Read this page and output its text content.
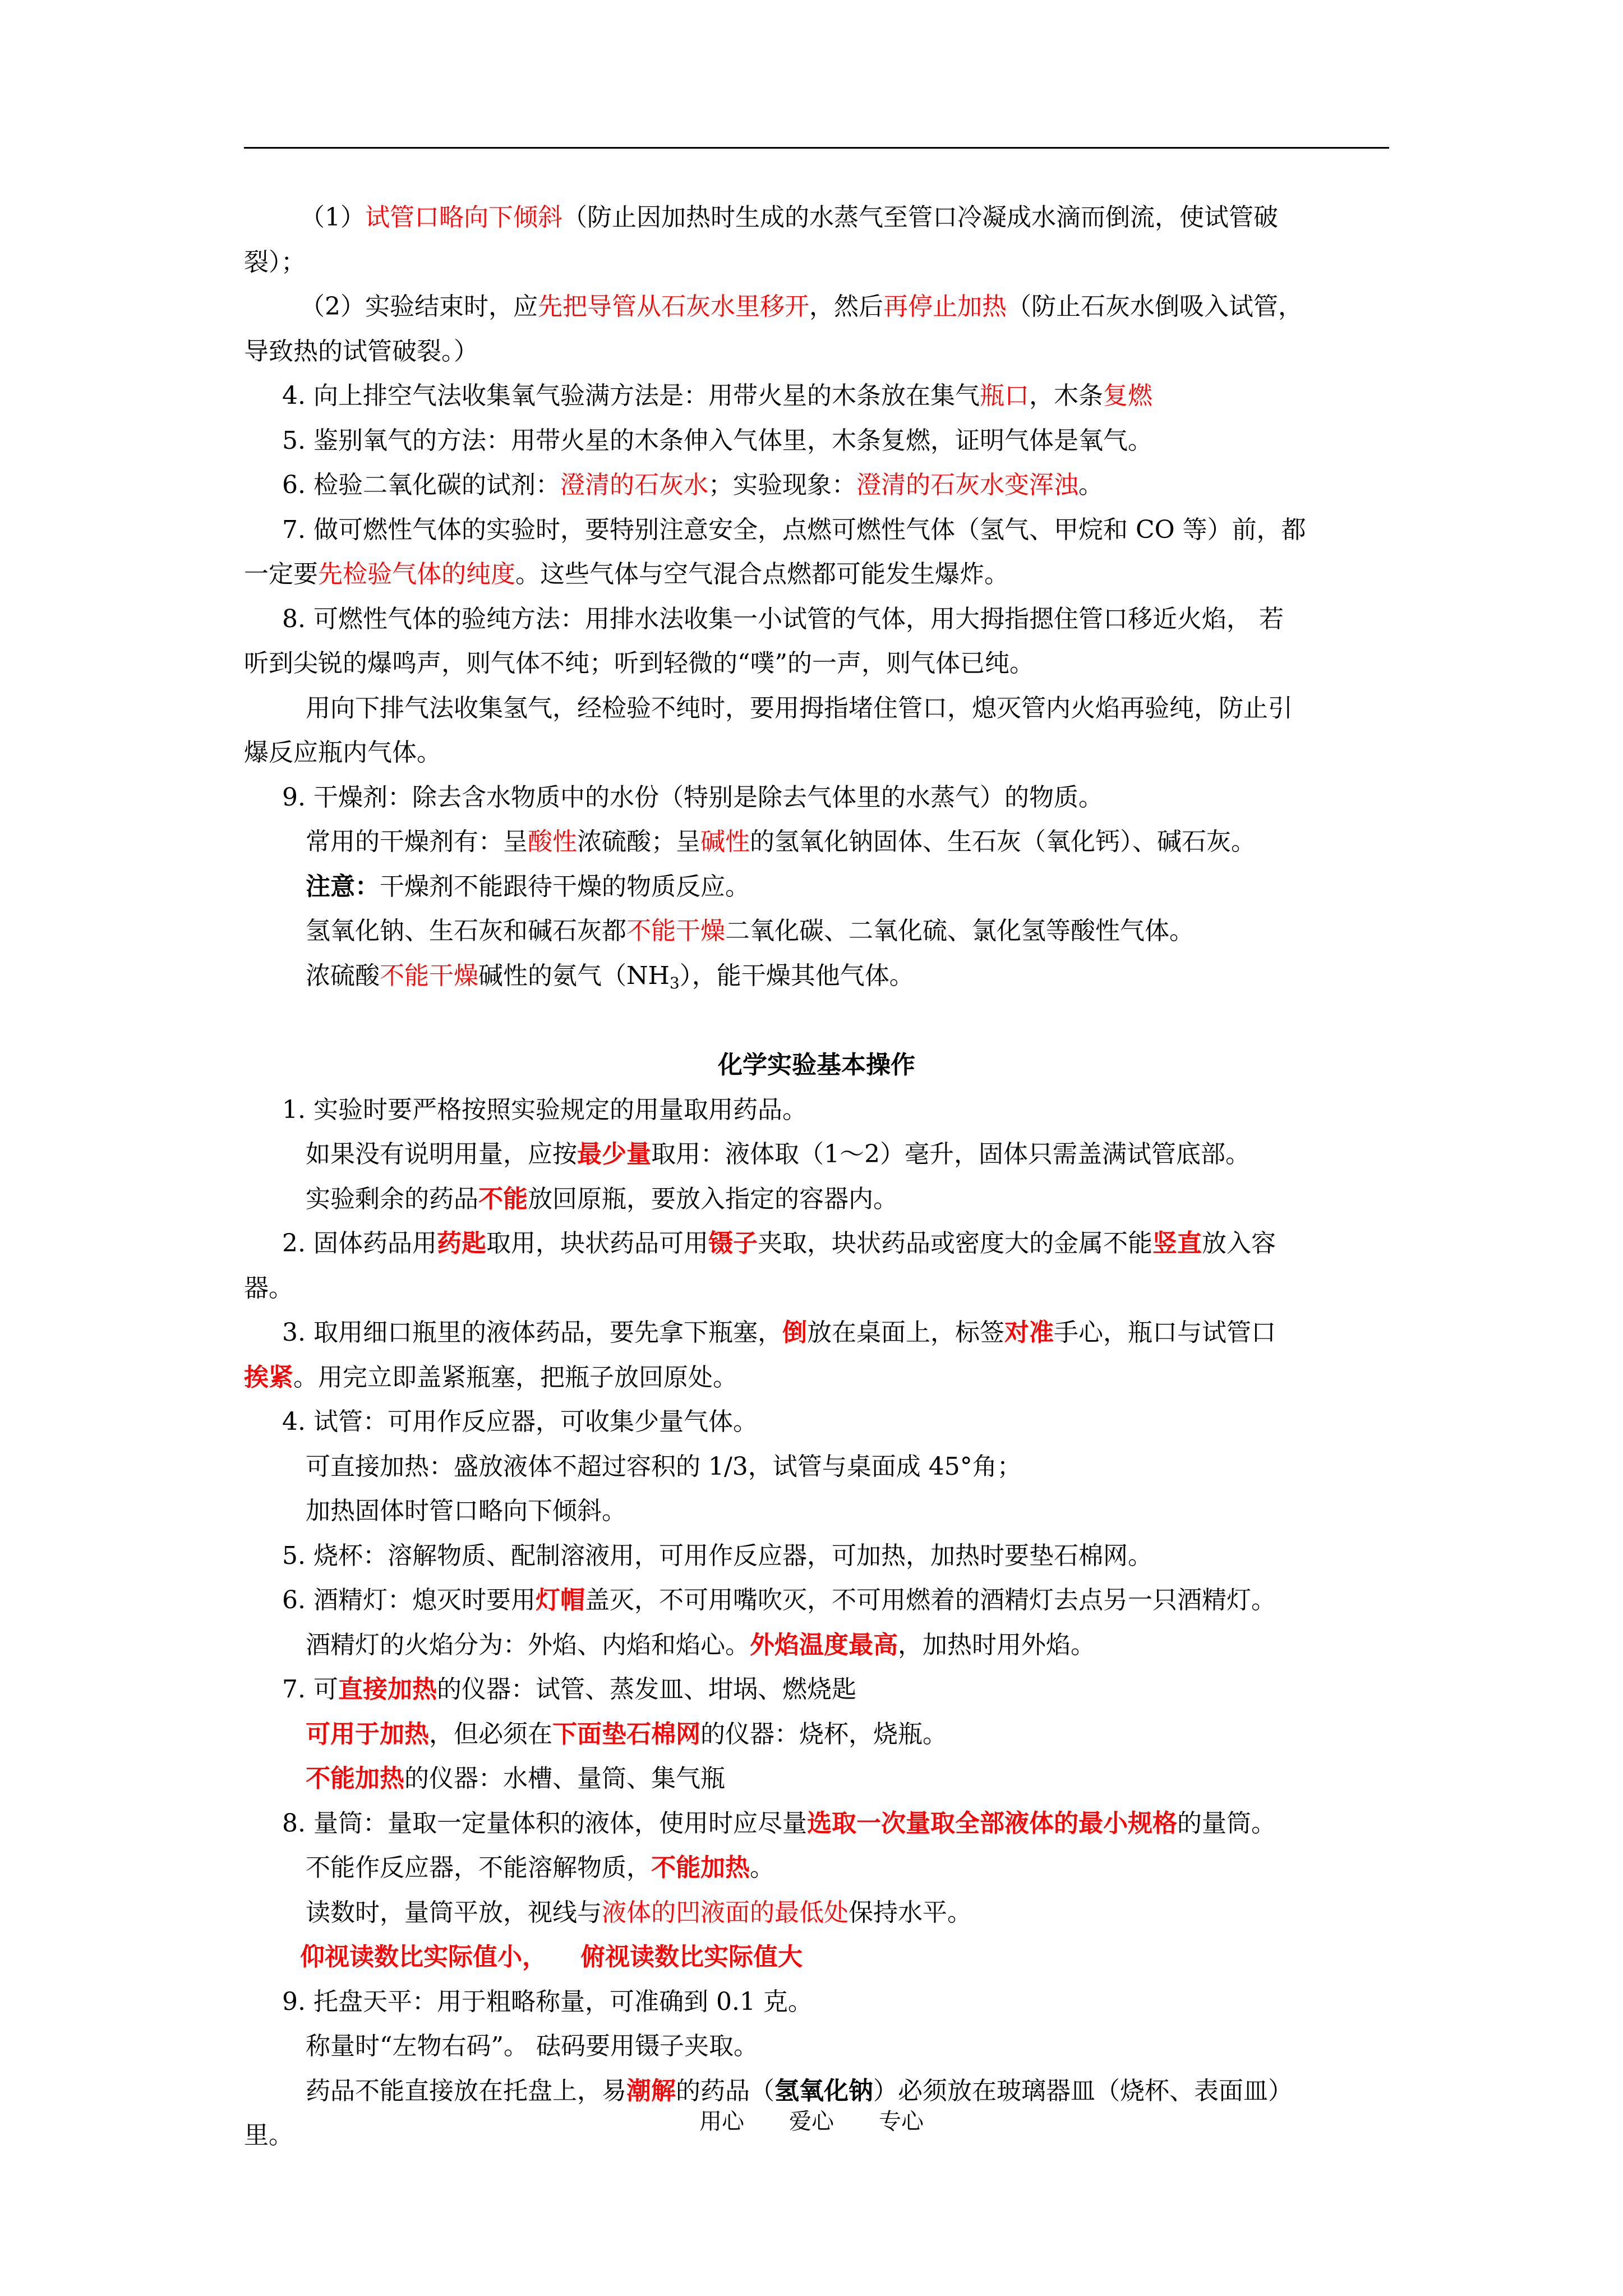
（1）试管口略向下倾斜（防止因加热时生成的水蒸气至管口冷凝成水滴而倒流，使试管破
裂）；
（2）实验结束时，应先把导管从石灰水里移开，然后再停止加热（防止石灰水倒吸入试管，
导致热的试管破裂。）
4. 向上排空气法收集氧气验满方法是：用带火星的木条放在集气瓶口，木条复燃
5. 鉴别氧气的方法：用带火星的木条伸入气体里，木条复燃，证明气体是氧气。
6. 检验二氧化碳的试剂：澄清的石灰水；实验现象：澄清的石灰水变浑浊。
7. 做可燃性气体的实验时，要特别注意安全，点燃可燃性气体（氢气、甲烷和 CO 等）前，都
一定要先检验气体的纯度。这些气体与空气混合点燃都可能发生爆炸。
8. 可燃性气体的验纯方法：用排水法收集一小试管的气体，用大拇指摁住管口移近火焰， 若
听到尖锐的爆鸣声，则气体不纯；听到轻微的“噗”的一声，则气体已纯。
用向下排气法收集氢气，经检验不纯时，要用拇指堵住管口，熄灭管内火焰再验纯，防止引
爆反应瓶内气体。
9. 干燥剂：除去含水物质中的水份（特别是除去气体里的水蒸气）的物质。
常用的干燥剂有：呈酸性浓硫酸；呈碱性的氢氧化钠固体、生石灰（氧化钙）、碱石灰。
注意：干燥剂不能跟待干燥的物质反应。
氢氧化钠、生石灰和碱石灰都不能干燥二氧化碳、二氧化硫、氯化氢等酸性气体。
浓硫酸不能干燥碱性的氨气$(NH_3)$，能干燥其他气体。
化学实验基本操作
1. 实验时要严格按照实验规定的用量取用药品。
如果没有说明用量，应按最少量取用：液体取（1～2）毫升，固体只需盖满试管底部。
实验剩余的药品不能放回原瓶，要放入指定的容器内。
2. 固体药品用药匙取用，块状药品可用镊子夹取，块状药品或密度大的金属不能竖直放入容
器。
3. 取用细口瓶里的液体药品，要先拿下瓶塞，倒放在桌面上，标签对准手心，瓶口与试管口
挨紧。用完立即盖紧瓶塞，把瓶子放回原处。
4. 试管：可用作反应器，可收集少量气体。
可直接加热：盛放液体不超过容积的 1/3，试管与桌面成 45°角；
加热固体时管口略向下倾斜。
5. 烧杯：溶解物质、配制溶液用，可用作反应器，可加热，加热时要垫石棉网。
6. 酒精灯：熄灭时要用灯帽盖灭，不可用嘴吹灭，不可用燃着的酒精灯去点另一只酒精灯。
酒精灯的火焰分为：外焰、内焰和焰心。外焰温度最高，加热时用外焰。
7. 可直接加热的仪器：试管、蒸发皿、坩埚、燃烧匙
可用于加热，但必须在下面垫石棉网的仪器：烧杯，烧瓶。
不能加热的仪器：水槽、量筒、集气瓶
8. 量筒：量取一定量体积的液体，使用时应尽量选取一次量取全部液体的最小规格的量筒。
不能作反应器，不能溶解物质，不能加热。
读数时，量筒平放，视线与液体的凹液面的最低处保持水平。
仰视读数比实际值小， 俯视读数比实际值大
9. 托盘天平：用于粗略称量，可准确到 0.1 克。
称量时“左物右码”。 砝码要用镊子夹取。
药品不能直接放在托盘上，易潮解的药品（氢氧化钠）必须放在玻璃器皿（烧杯、表面皿）
里。	用心 爱心 专心
